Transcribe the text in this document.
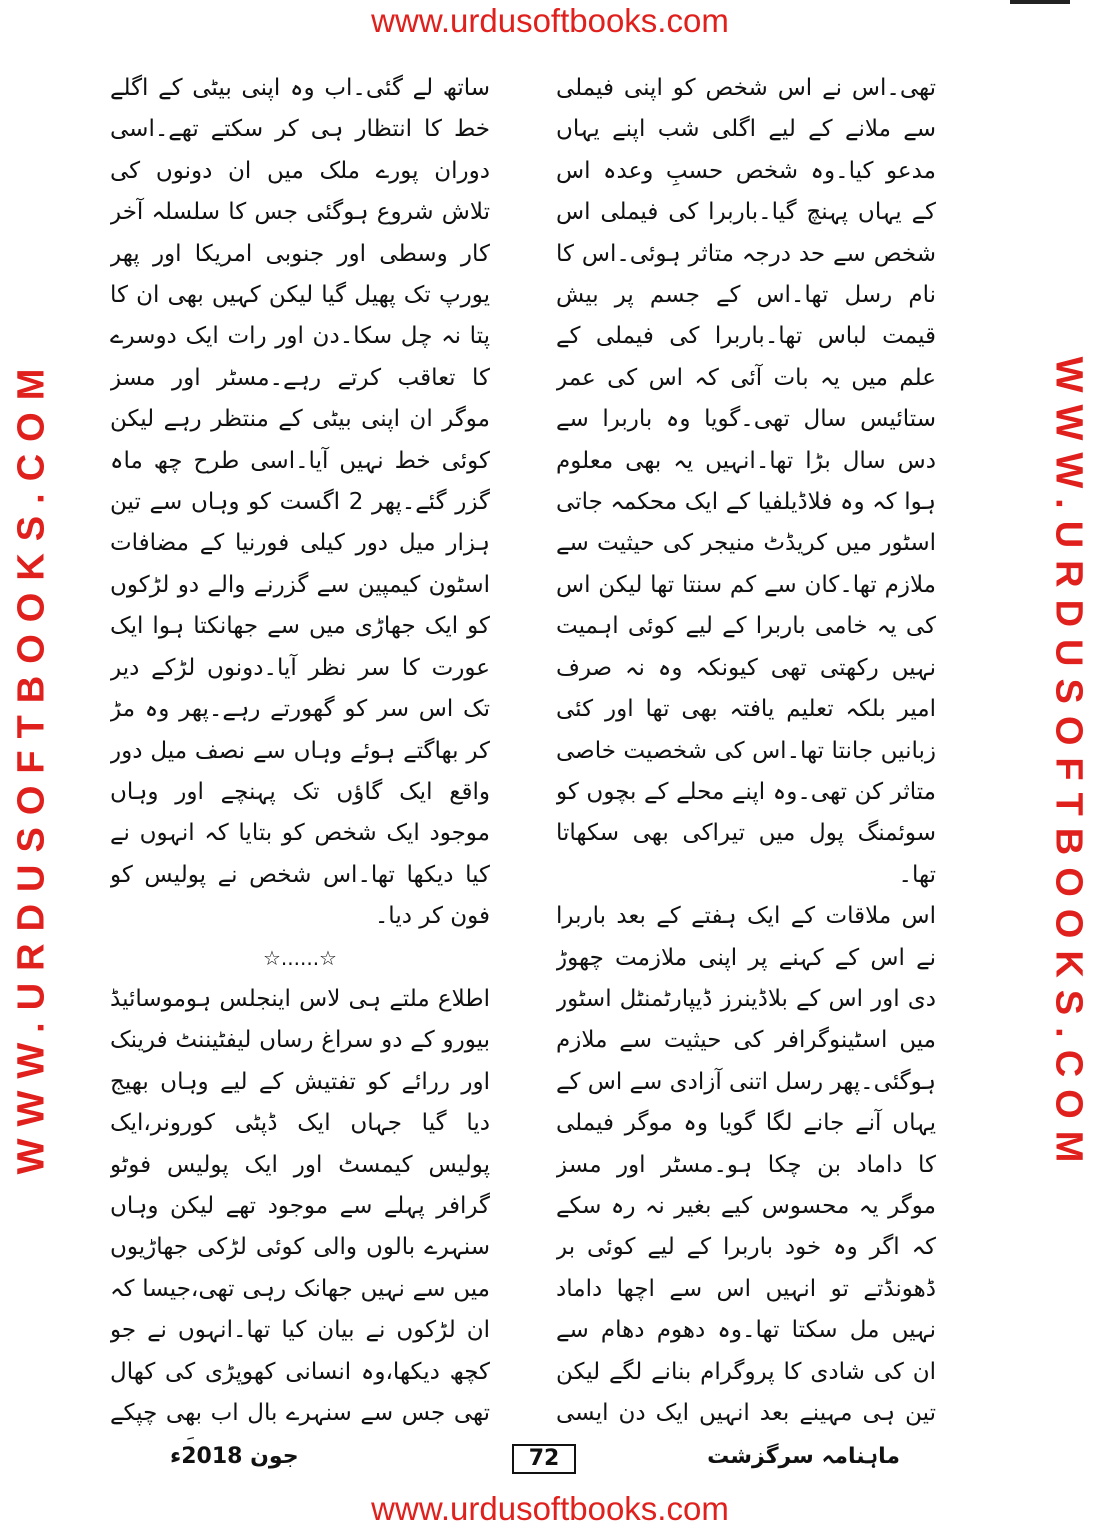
www.urdusoftbooks.com
WWW.URDUSOFTBOOKS.COM	WWW.URDUSOFTBOOKS.COM

تھی۔اس نے اس شخص کو اپنی فیملی سے ملانے کے لیے اگلی شب اپنے یہاں مدعو کیا۔وہ شخص حسبِ وعدہ اس کے یہاں پہنچ گیا۔باربرا کی فیملی اس شخص سے حد درجہ متاثر ہوئی۔اس کا نام رسل تھا۔اس کے جسم پر بیش قیمت لباس تھا۔باربرا کی فیملی کے علم میں یہ بات آئی کہ اس کی عمر ستائیس سال تھی۔گویا وہ باربرا سے دس سال بڑا تھا۔انہیں یہ بھی معلوم ہوا کہ وہ فلاڈیلفیا کے ایک محکمہ جاتی اسٹور میں کریڈٹ منیجر کی حیثیت سے ملازم تھا۔کان سے کم سنتا تھا لیکن اس کی یہ خامی باربرا کے لیے کوئی اہمیت نہیں رکھتی تھی کیونکہ وہ نہ صرف امیر بلکہ تعلیم یافتہ بھی تھا اور کئی زبانیں جانتا تھا۔اس کی شخصیت خاصی متاثر کن تھی۔وہ اپنے محلے کے بچوں کو سوئمنگ پول میں تیراکی بھی سکھاتا تھا۔

اس ملاقات کے ایک ہفتے کے بعد باربرا نے اس کے کہنے پر اپنی ملازمت چھوڑ دی اور اس کے بلاڈینرز ڈیپارٹمنٹل اسٹور میں اسٹینوگرافر کی حیثیت سے ملازم ہوگئی۔پھر رسل اتنی آزادی سے اس کے یہاں آنے جانے لگا گویا وہ موگر فیملی کا داماد بن چکا ہو۔مسٹر اور مسز موگر یہ محسوس کیے بغیر نہ رہ سکے کہ اگر وہ خود باربرا کے لیے کوئی بر ڈھونڈتے تو انہیں اس سے اچھا داماد نہیں مل سکتا تھا۔وہ دھوم دھام سے ان کی شادی کا پروگرام بنانے لگے لیکن تین ہی مہینے بعد انہیں ایک دن ایسی

ساتھ لے گئی۔اب وہ اپنی بیٹی کے اگلے خط کا انتظار ہی کر سکتے تھے۔اسی دوران پورے ملک میں ان دونوں کی تلاش شروع ہوگئی جس کا سلسلہ آخر کار وسطی اور جنوبی امریکا اور پھر یورپ تک پھیل گیا لیکن کہیں بھی ان کا پتا نہ چل سکا۔دن اور رات ایک دوسرے کا تعاقب کرتے رہے۔مسٹر اور مسز موگر ان اپنی بیٹی کے منتظر رہے لیکن کوئی خط نہیں آیا۔اسی طرح چھ ماہ گزر گئے۔پھر 2 اگست کو وہاں سے تین ہزار میل دور کیلی فورنیا کے مضافات اسٹون کیمپین سے گزرنے والے دو لڑکوں کو ایک جھاڑی میں سے جھانکتا ہوا ایک عورت کا سر نظر آیا۔دونوں لڑکے دیر تک اس سر کو گھورتے رہے۔پھر وہ مڑ کر بھاگتے ہوئے وہاں سے نصف میل دور واقع ایک گاؤں تک پہنچے اور وہاں موجود ایک شخص کو بتایا کہ انہوں نے کیا دیکھا تھا۔اس شخص نے پولیس کو فون کر دیا۔

☆......☆

اطلاع ملتے ہی لاس اینجلس ہوموسائیڈ بیورو کے دو سراغ رساں لیفٹیننٹ فرینک اور ررائے کو تفتیش کے لیے وہاں بھیج دیا گیا جہاں ایک ڈپٹی کورونر،ایک پولیس کیمسٹ اور ایک پولیس فوٹو گرافر پہلے سے موجود تھے لیکن وہاں سنہرے بالوں والی کوئی لڑکی جھاڑیوں میں سے نہیں جھانک رہی تھی،جیسا کہ ان لڑکوں نے بیان کیا تھا۔انہوں نے جو کچھ دیکھا،وہ انسانی کھوپڑی کی کھال تھی جس سے سنہرے بال اب بھی چپکے

جون 2018ء	72	ماہنامہ سرگزشت
www.urdusoftbooks.com
